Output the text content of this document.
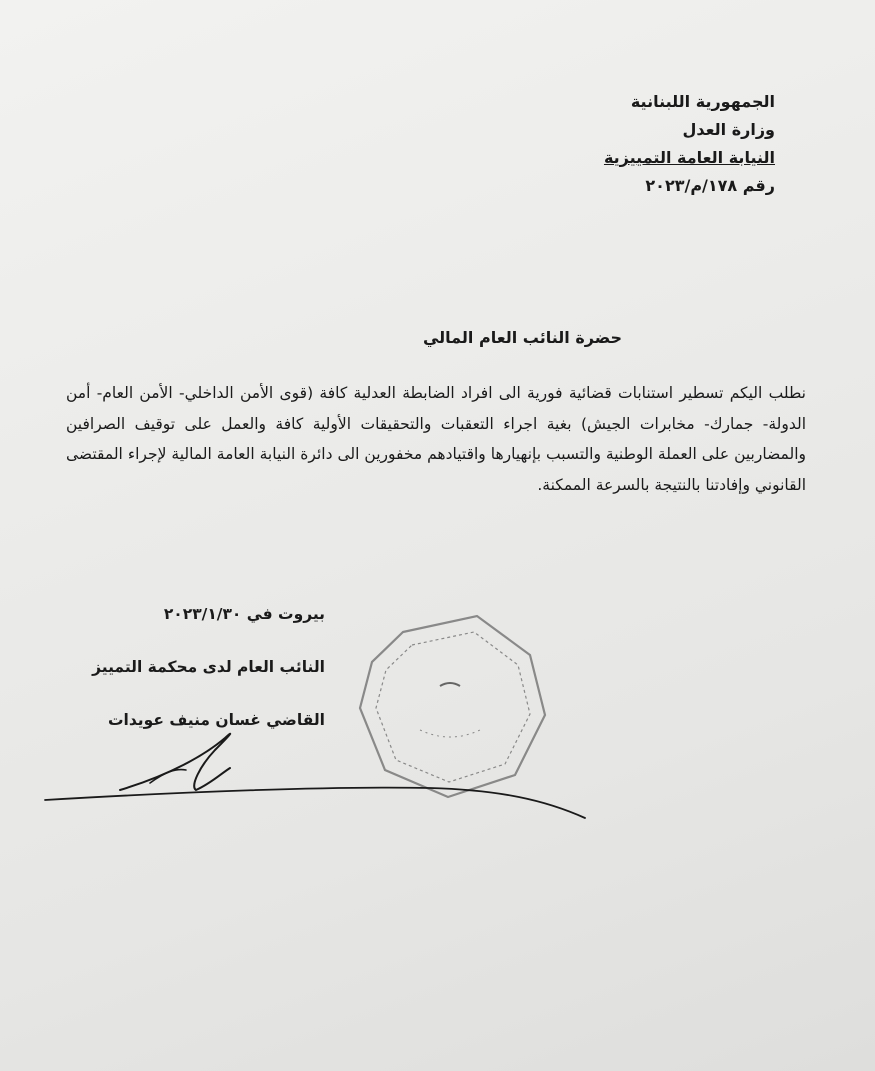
الجمهورية اللبنانية
وزارة العدل
النيابة العامة التمييزية
رقم ١٧٨/م/٢٠٢٣
حضرة النائب العام المالي
نطلب اليكم تسطير استنابات قضائية فورية الى افراد الضابطة العدلية كافة (قوى الأمن الداخلي- الأمن العام- أمن الدولة- جمارك- مخابرات الجيش) بغية اجراء التعقبات والتحقيقات الأولية كافة والعمل على توقيف الصرافين والمضاربين على العملة الوطنية والتسبب بإنهيارها واقتيادهم مخفورين الى دائرة النيابة العامة المالية لإجراء المقتضى القانوني وإفادتنا بالنتيجة بالسرعة الممكنة.
بيروت في ٢٠٢٣/١/٣٠
النائب العام لدى محكمة التمييز
القاضي غسان منيف عويدات
